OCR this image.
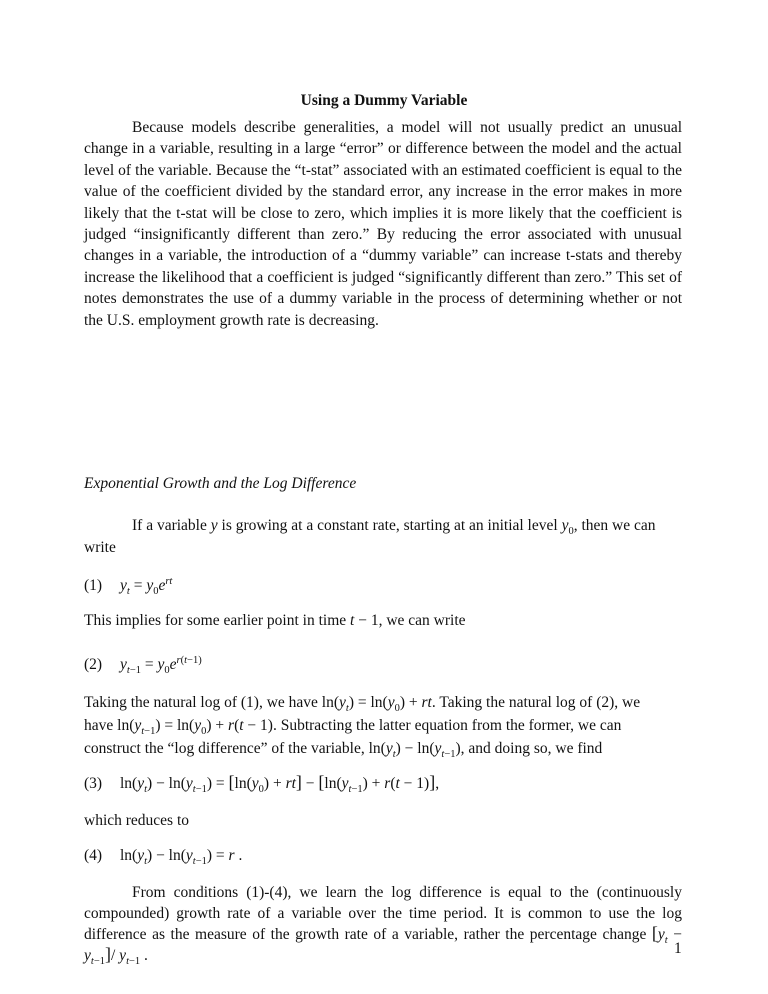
Using a Dummy Variable

Because models describe generalities, a model will not usually predict an unusual change in a variable, resulting in a large “error” or difference between the model and the actual level of the variable. Because the “t-stat” associated with an estimated coefficient is equal to the value of the coefficient divided by the standard error, any increase in the error makes in more likely that the t-stat will be close to zero, which implies it is more likely that the coefficient is judged “insignificantly different than zero.” By reducing the error associated with unusual changes in a variable, the introduction of a “dummy variable” can increase t-stats and thereby increase the likelihood that a coefficient is judged “significantly different than zero.” This set of notes demonstrates the use of a dummy variable in the process of determining whether or not the U.S. employment growth rate is decreasing.

Exponential Growth and the Log Difference
If a variable y is growing at a constant rate, starting at an initial level $y_0$, then we can
write
(1) $y_t = y_0e^{rt}$
This implies for some earlier point in time t − 1, we can write
(2) $y_{t-1} = y_0e^{r(t-1)}$
Taking the natural log of (1), we have $\ln(y_t) = \ln(y_0)$ + rt. Taking the natural log of (2), we
have $\ln(y_{t-1}) = \ln(y_0) + r(t - 1)$. Subtracting the latter equation from the former, we can
construct the “log difference” of the variable, $\ln(y_t) - \ln(y_{t-1})$, and doing so, we find
(3) $\ln(y_t) - \ln(y_{t-1}) = [\ln(y_0) + rt] - [\ln(y_{t-1}) + r(t - 1)]$,
which reduces to
(4) $\ln(y_t) - \ln(y_{t-1}) = r$ .

From conditions (1)-(4), we learn the log difference is equal to the (continuously compounded) growth rate of a variable over the time period. It is common to use the log difference as the measure of the growth rate of a variable, rather the percentage change $[y_t - y_{t-1}]/$ $y_{t-1}$ .	1
